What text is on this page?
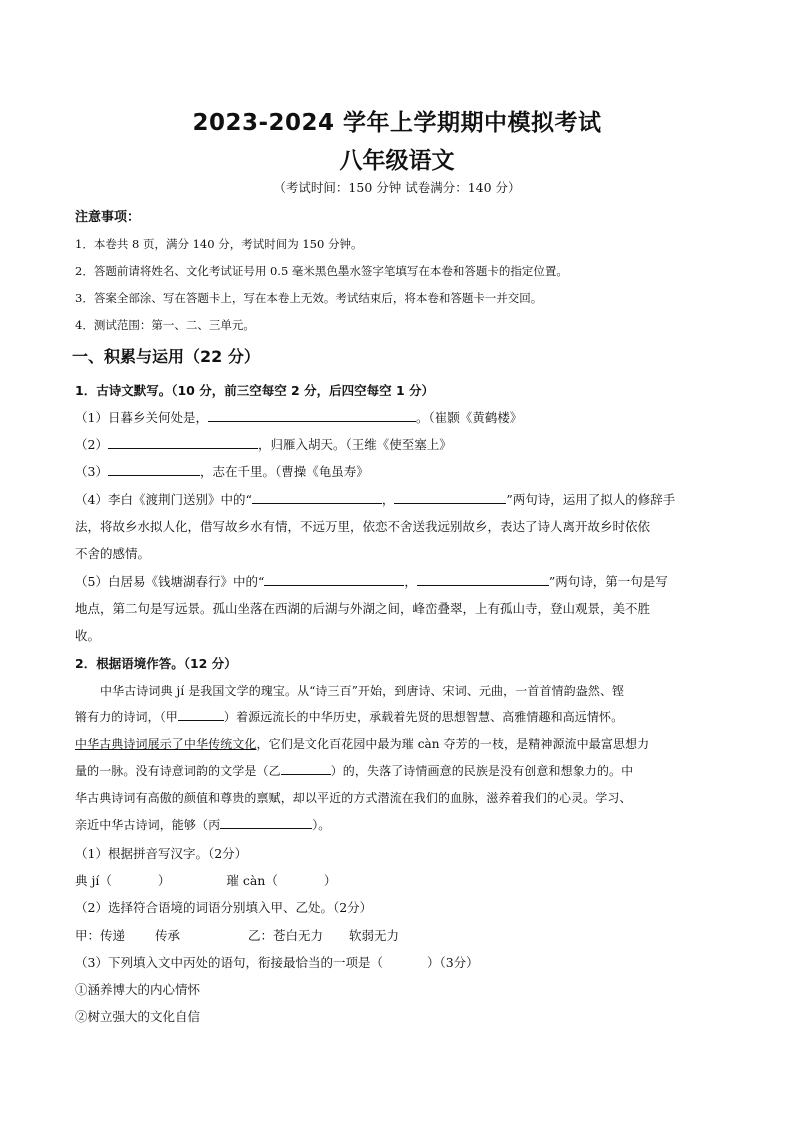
2023-2024 学年上学期期中模拟考试
八年级语文
（考试时间：150 分钟 试卷满分：140 分）
注意事项：
1．本卷共 8 页，满分 140 分，考试时间为 150 分钟。
2．答题前请将姓名、文化考试证号用 0.5 毫米黑色墨水签字笔填写在本卷和答题卡的指定位置。
3．答案全部涂、写在答题卡上，写在本卷上无效。考试结束后，将本卷和答题卡一并交回。
4．测试范围：第一、二、三单元。
一、积累与运用（22 分）
1．古诗文默写。（10 分，前三空每空 2 分，后四空每空 1 分）
（1）日暮乡关何处是，	。（崔颢《黄鹤楼》
（2）	，归雁入胡天。（王维《使至塞上》
（3）	，志在千里。（曹操《龟虽寿》
（4）李白《渡荆门送别》中的“	，	”两句诗，运用了拟人的修辞手
法，将故乡水拟人化，借写故乡水有情，不远万里，依恋不舍送我远别故乡，表达了诗人离开故乡时依依
不舍的感情。
（5）白居易《钱塘湖春行》中的“	，	”两句诗，第一句是写
地点，第二句是写远景。孤山坐落在西湖的后湖与外湖之间，峰峦叠翠，上有孤山寺，登山观景，美不胜
收。
2．根据语境作答。（12 分）
中华古诗词典 jí 是我国文学的瑰宝。从“诗三百”开始，到唐诗、宋词、元曲，一首首情韵盎然、铿
锵有力的诗词，（甲	）着源远流长的中华历史，承载着先贤的思想智慧、高雅情趣和高远情怀。
中华古典诗词展示了中华传统文化，它们是文化百花园中最为璀 càn 夺芳的一枝，是精神源流中最富思想力
量的一脉。没有诗意词韵的文学是（乙	）的，失落了诗情画意的民族是没有创意和想象力的。中
华古典诗词有高傲的颜值和尊贵的禀赋，却以平近的方式潜流在我们的血脉，滋养着我们的心灵。学习、
亲近中华古诗词，能够（丙	）。
（1）根据拼音写汉字。（2分）
典 jí（	）	璀 càn（	）
（2）选择符合语境的词语分别填入甲、乙处。（2分）
甲：传递 传承	乙：苍白无力 软弱无力
（3）下列填入文中丙处的语句，衔接最恰当的一项是（	）（3分）
①涵养博大的内心情怀
②树立强大的文化自信
